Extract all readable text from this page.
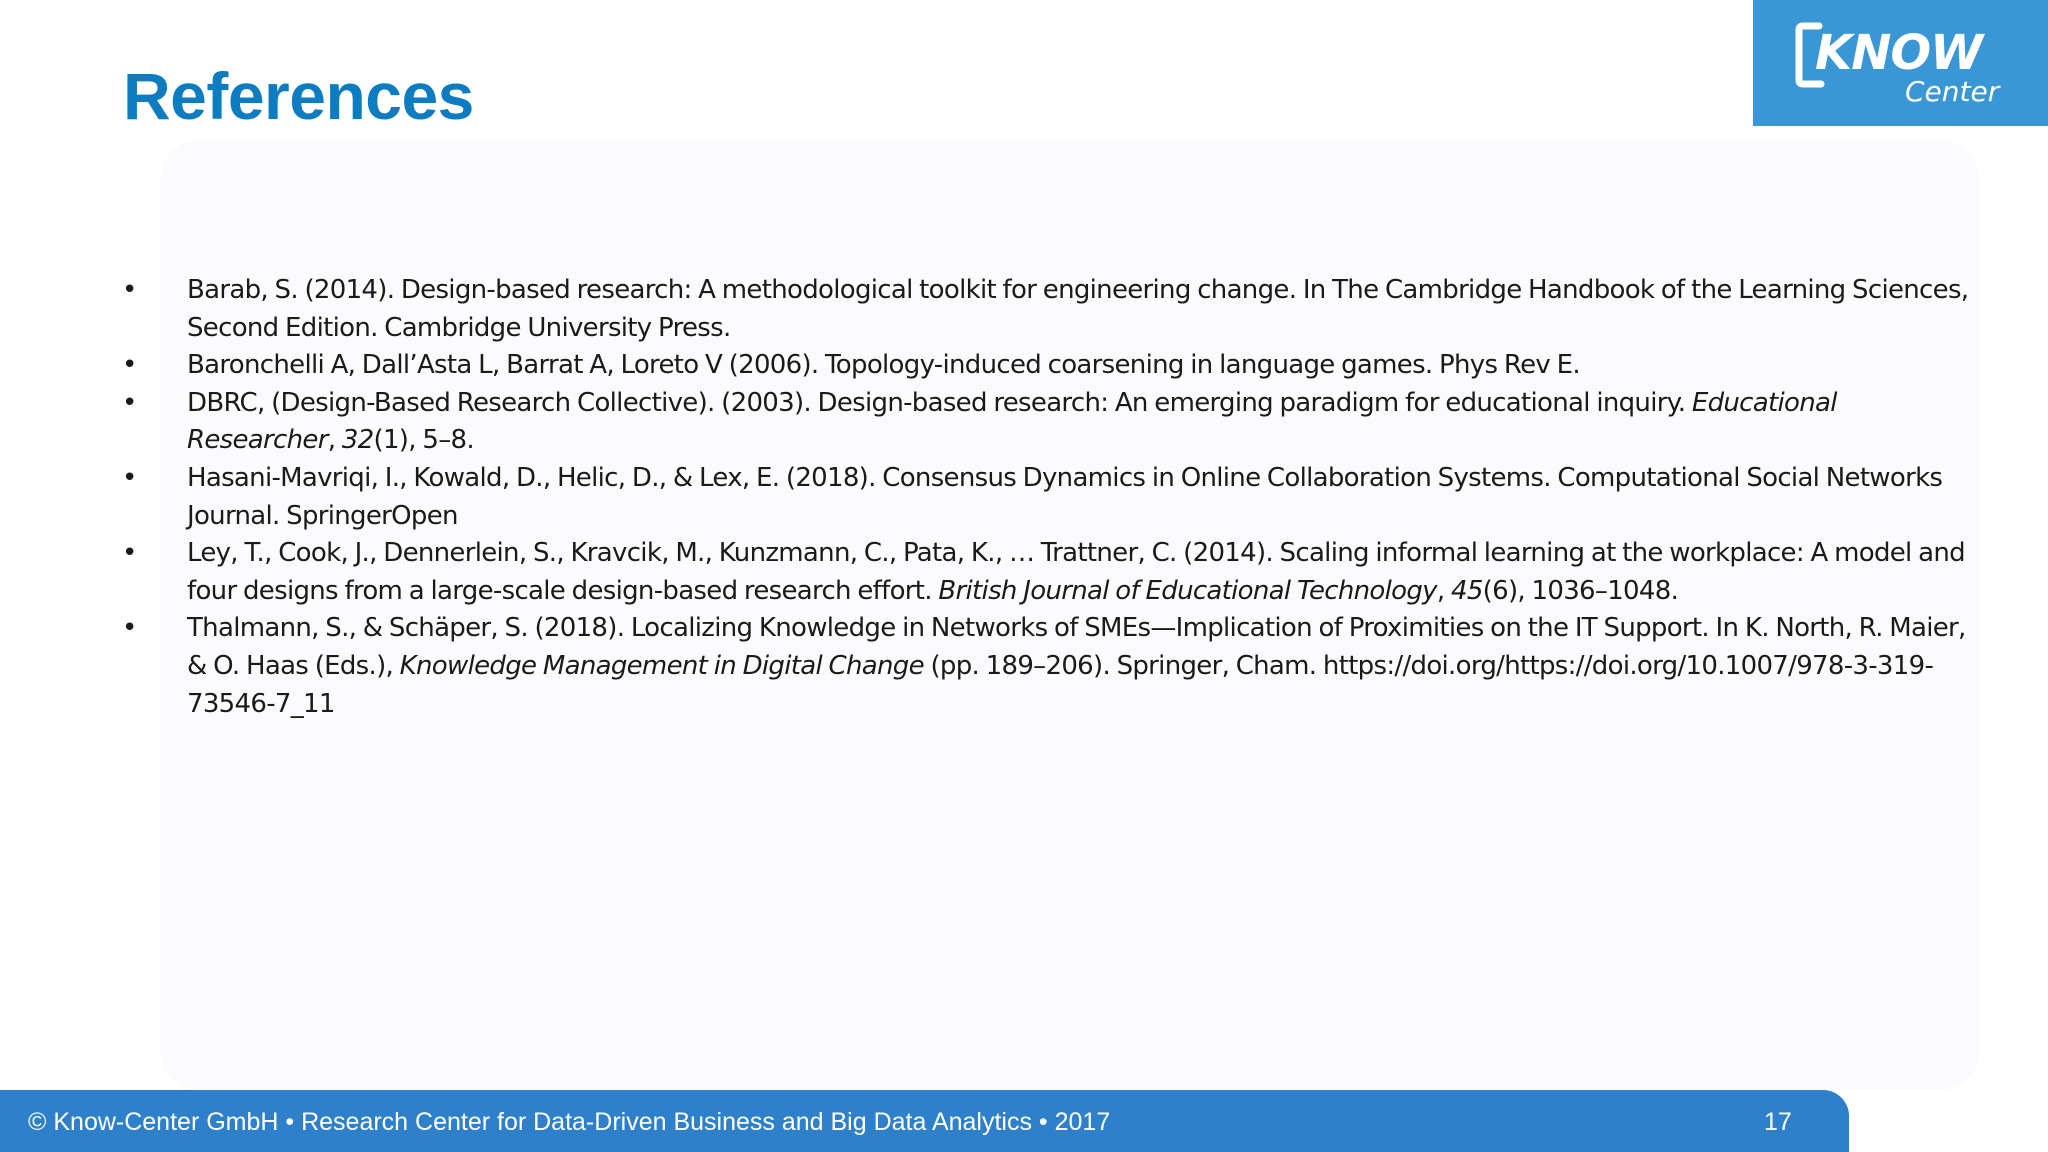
References
KNOW
Center
• Barab, S. (2014). Design-based research: A methodological toolkit for engineering change. In The Cambridge Handbook of the Learning Sciences, Second Edition. Cambridge University Press.
• Baronchelli A, Dall’Asta L, Barrat A, Loreto V (2006). Topology-induced coarsening in language games. Phys Rev E.
• DBRC, (Design-Based Research Collective). (2003). Design-based research: An emerging paradigm for educational inquiry. Educational Researcher, 32(1), 5–8.
• Hasani-Mavriqi, I., Kowald, D., Helic, D., & Lex, E. (2018). Consensus Dynamics in Online Collaboration Systems. Computational Social Networks Journal. SpringerOpen
• Ley, T., Cook, J., Dennerlein, S., Kravcik, M., Kunzmann, C., Pata, K., … Trattner, C. (2014). Scaling informal learning at the workplace: A model and four designs from a large-scale design-based research effort. British Journal of Educational Technology, 45(6), 1036–1048.
• Thalmann, S., & Schäper, S. (2018). Localizing Knowledge in Networks of SMEs—Implication of Proximities on the IT Support. In K. North, R. Maier, & O. Haas (Eds.), Knowledge Management in Digital Change (pp. 189–206). Springer, Cham. https://doi.org/https://doi.org/10.1007/978-3-319-73546-7_11
© Know-Center GmbH • Research Center for Data-Driven Business and Big Data Analytics • 2017	17
